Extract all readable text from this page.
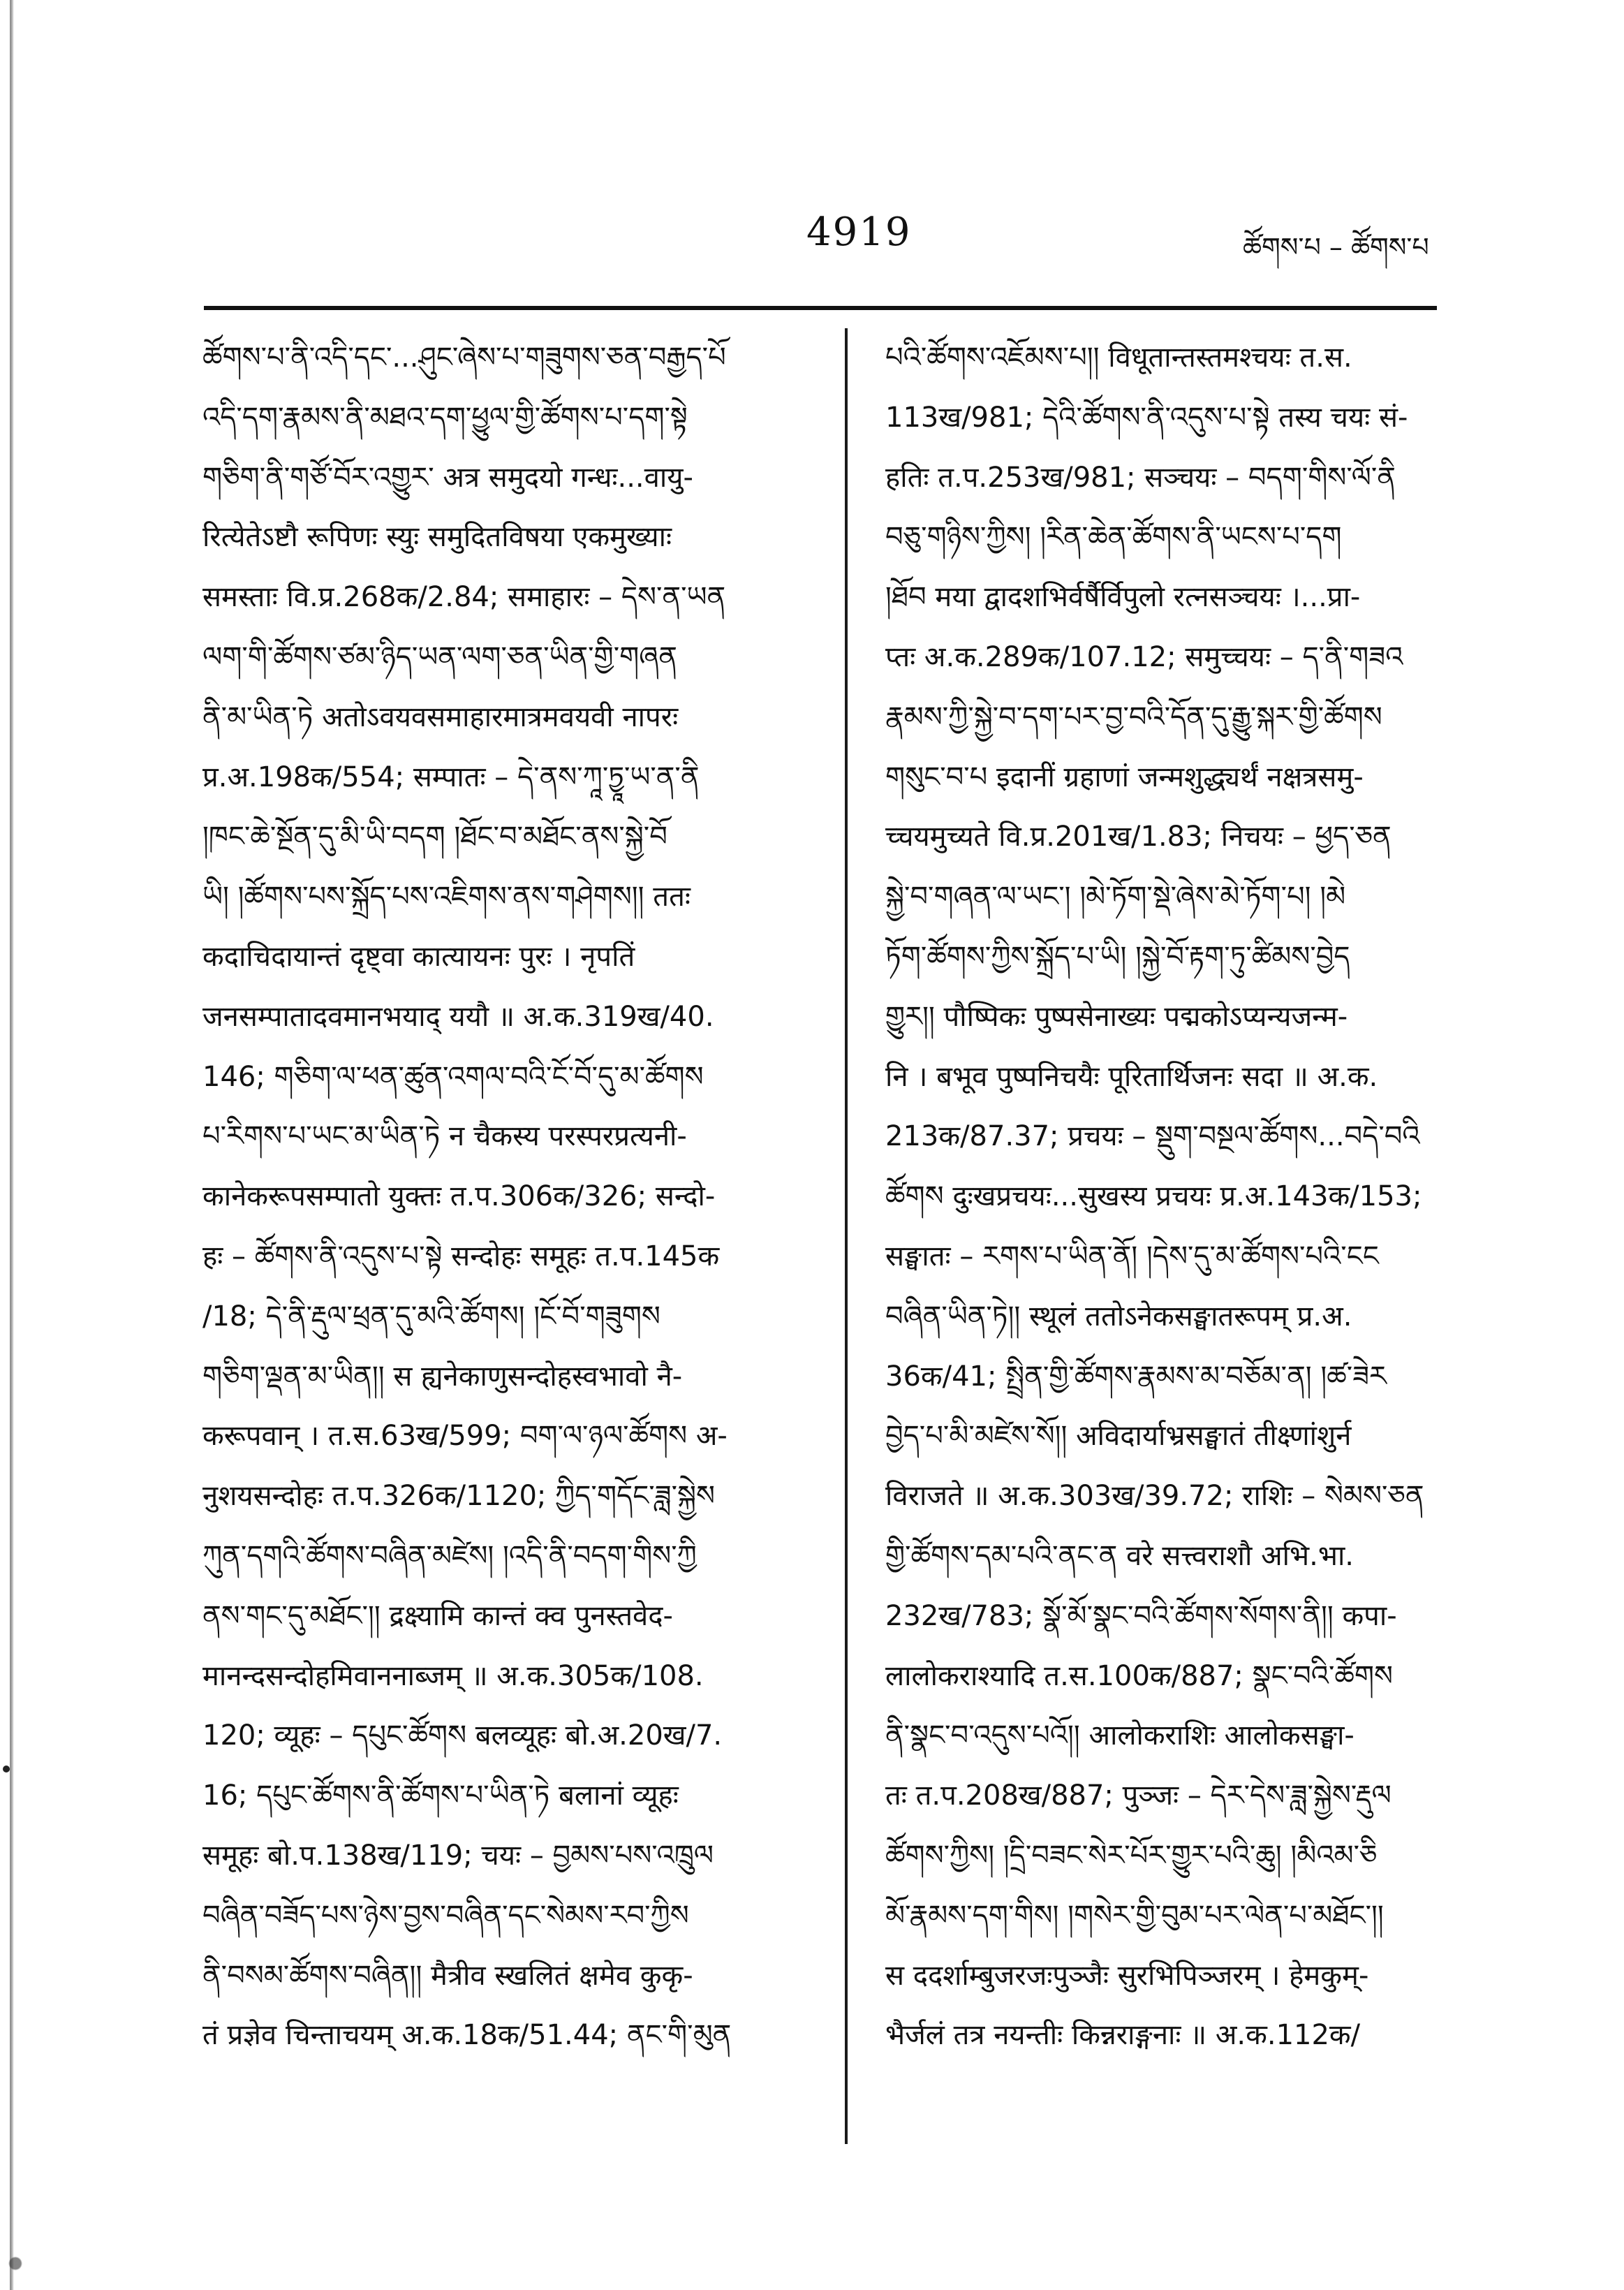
4919	ཚོགས་པ – ཚོགས་པ
ཚོགས་པ་ནི་འདི་དང་...ཤུང་ཞེས་པ་གཟུགས་ཅན་བརྒྱད་པོ
འདི་དག་རྣམས་ནི་མཐའ་དག་ཕྱུལ་གྱི་ཚོགས་པ་དག་སྟེ
གཅིག་ནི་གཙོ་བོར་འགྱུར་ अत्र समुदयो गन्धः...वायु-
रित्येतेऽष्टौ रूपिणः स्युः समुदितविषया एकमुख्याः
समस्ताः वि.प्र.268क/2.84; समाहारः – དེས་ན་ཡན
ལག་གི་ཚོགས་ཙམ་ཉིད་ཡན་ལག་ཅན་ཡིན་གྱི་གཞན
ནི་མ་ཡིན་ཏེ अतोऽवयवसमाहारमात्रमवयवी नापरः
प्र.अ.198क/554; सम्पातः – དེ་ནས་ཀཱ་ཏྱཱ་ཡ་ན་ནི
།ཁང་ཆེ་སྔོན་དུ་མི་ཡི་བདག །ཐོང་བ་མཐོང་ནས་སྐྱེ་བོ
ཡི། །ཚོགས་པས་སྐྲོད་པས་འཇིགས་ནས་གཤེགས།། ततः
कदाचिदायान्तं दृष्ट्वा कात्यायनः पुरः । नृपतिं
जनसम्पातादवमानभयाद् ययौ ॥ अ.क.319ख/40.
146; གཅིག་ལ་ཕན་ཚུན་འགལ་བའི་ངོ་བོ་དུ་མ་ཚོགས
པ་རིགས་པ་ཡང་མ་ཡིན་ཏེ न चैकस्य परस्परप्रत्यनी-
कानेकरूपसम्पातो युक्तः त.प.306क/326; सन्दो-
हः – ཚོགས་ནི་འདུས་པ་སྟེ सन्दोहः समूहः त.प.145क
/18; དེ་ནི་རྡུལ་ཕྲན་དུ་མའི་ཚོགས། །ངོ་བོ་གཟུགས
གཅིག་ལྡན་མ་ཡིན།། स ह्यनेकाणुसन्दोहस्वभावो नै-
करूपवान् । त.स.63ख/599; བག་ལ་ཉལ་ཚོགས अ-
नुशयसन्दोहः त.प.326क/1120; ཀྱིད་གདོང་ཟླ་སྐྱེས
ཀུན་དགའི་ཚོགས་བཞིན་མཛེས། །འདི་ནི་བདག་གིས་ཀྱི
ནས་གང་དུ་མཐོང་།། द्रक्ष्यामि कान्तं क्व पुनस्तवेद-
मानन्दसन्दोहमिवाननाब्जम् ॥ अ.क.305क/108.
120; व्यूहः – དཔུང་ཚོགས बलव्यूहः बो.अ.20ख/7.
16; དཔུང་ཚོགས་ནི་ཚོགས་པ་ཡིན་ཏེ बलानां व्यूहः
समूहः बो.प.138ख/119; चयः – བྱམས་པས་འཁྲུལ
བཞིན་བཟོད་པས་ཉེས་བྱས་བཞིན་དང་སེམས་རབ་ཀྱིས
ནི་བསམ་ཚོགས་བཞིན།། मैत्रीव स्खलितं क्षमेव कुकृ-
तं प्रज्ञेव चिन्ताचयम् अ.क.18क/51.44; ནང་གི་མུན
པའི་ཚོགས་འཇོམས་པ།། विधूतान्तस्तमश्चयः त.स.
113ख/981; དེའི་ཚོགས་ནི་འདུས་པ་སྟེ तस्य चयः सं-
हतिः त.प.253ख/981; सञ्चयः – བདག་གིས་ལོ་ནི
བཅུ་གཉིས་ཀྱིས། །རིན་ཆེན་ཚོགས་ནི་ཡངས་པ་དག
།ཐོབ मया द्वादशभिर्वर्षैर्विपुलो रत्नसञ्चयः ।...प्रा-
प्तः अ.क.289क/107.12; समुच्चयः – ད་ནི་གཟའ
རྣམས་ཀྱི་སྐྱེ་བ་དག་པར་བྱ་བའི་དོན་དུ་རྒྱུ་སྐར་གྱི་ཚོགས
གསུང་བ་པ इदानीं ग्रहाणां जन्मशुद्ध्यर्थं नक्षत्रसमु-
च्चयमुच्यते वि.प्र.201ख/1.83; निचयः – ཕྱད་ཅན
སྐྱེ་བ་གཞན་ལ་ཡང་། །མེ་ཏོག་སྡེ་ཞེས་མེ་ཏོག་པ། །མེ
ཏོག་ཚོགས་ཀྱིས་སྐྲོད་པ་ཡི། །སྐྱེ་བོ་རྟག་ཏུ་ཚིམས་བྱེད
གྱུར།། पौष्पिकः पुष्पसेनाख्यः पद्मकोऽप्यन्यजन्म-
नि । बभूव पुष्पनिचयैः पूरितार्थिजनः सदा ॥ अ.क.
213क/87.37; प्रचयः – སྡུག་བསྔལ་ཚོགས...བདེ་བའི
ཚོགས दुःखप्रचयः...सुखस्य प्रचयः प्र.अ.143क/153;
सङ्घातः – རགས་པ་ཡིན་ནོ། །དེས་དུ་མ་ཚོགས་པའི་ངང
བཞིན་ཡིན་ཏེ།། स्थूलं ततोऽनेकसङ्घातरूपम् प्र.अ.
36क/41; སྤྲིན་གྱི་ཚོགས་རྣམས་མ་བཅོམ་ན། །ཚ་ཟེར
བྱེད་པ་མི་མཛེས་སོ།། अविदार्याभ्रसङ्घातं तीक्ष्णांशुर्न
विराजते ॥ अ.क.303ख/39.72; राशिः – སེམས་ཅན
གྱི་ཚོགས་དམ་པའི་ནང་ན वरे सत्त्वराशौ अभि.भा.
232ख/783; སྣོ་མོ་སྣང་བའི་ཚོགས་སོགས་ནི།། कपा-
लालोकराश्यादि त.स.100क/887; སྣང་བའི་ཚོགས
ནི་སྣང་བ་འདུས་པའོ།། आलोकराशिः आलोकसङ्घा-
तः त.प.208ख/887; पुञ्जः – དེར་དེས་ཟླ་སྐྱེས་རྡུལ
ཚོགས་ཀྱིས། །དྲི་བཟང་སེར་པོར་གྱུར་པའི་ཆུ། །མིའམ་ཅི
མོ་རྣམས་དག་གིས། །གསེར་གྱི་བུམ་པར་ལེན་པ་མཐོང་།།
स ददर्शाम्बुजरजःपुञ्जैः सुरभिपिञ्जरम् । हेमकुम्-
भैर्जलं तत्र नयन्तीः किन्नराङ्गनाः ॥ अ.क.112क/
